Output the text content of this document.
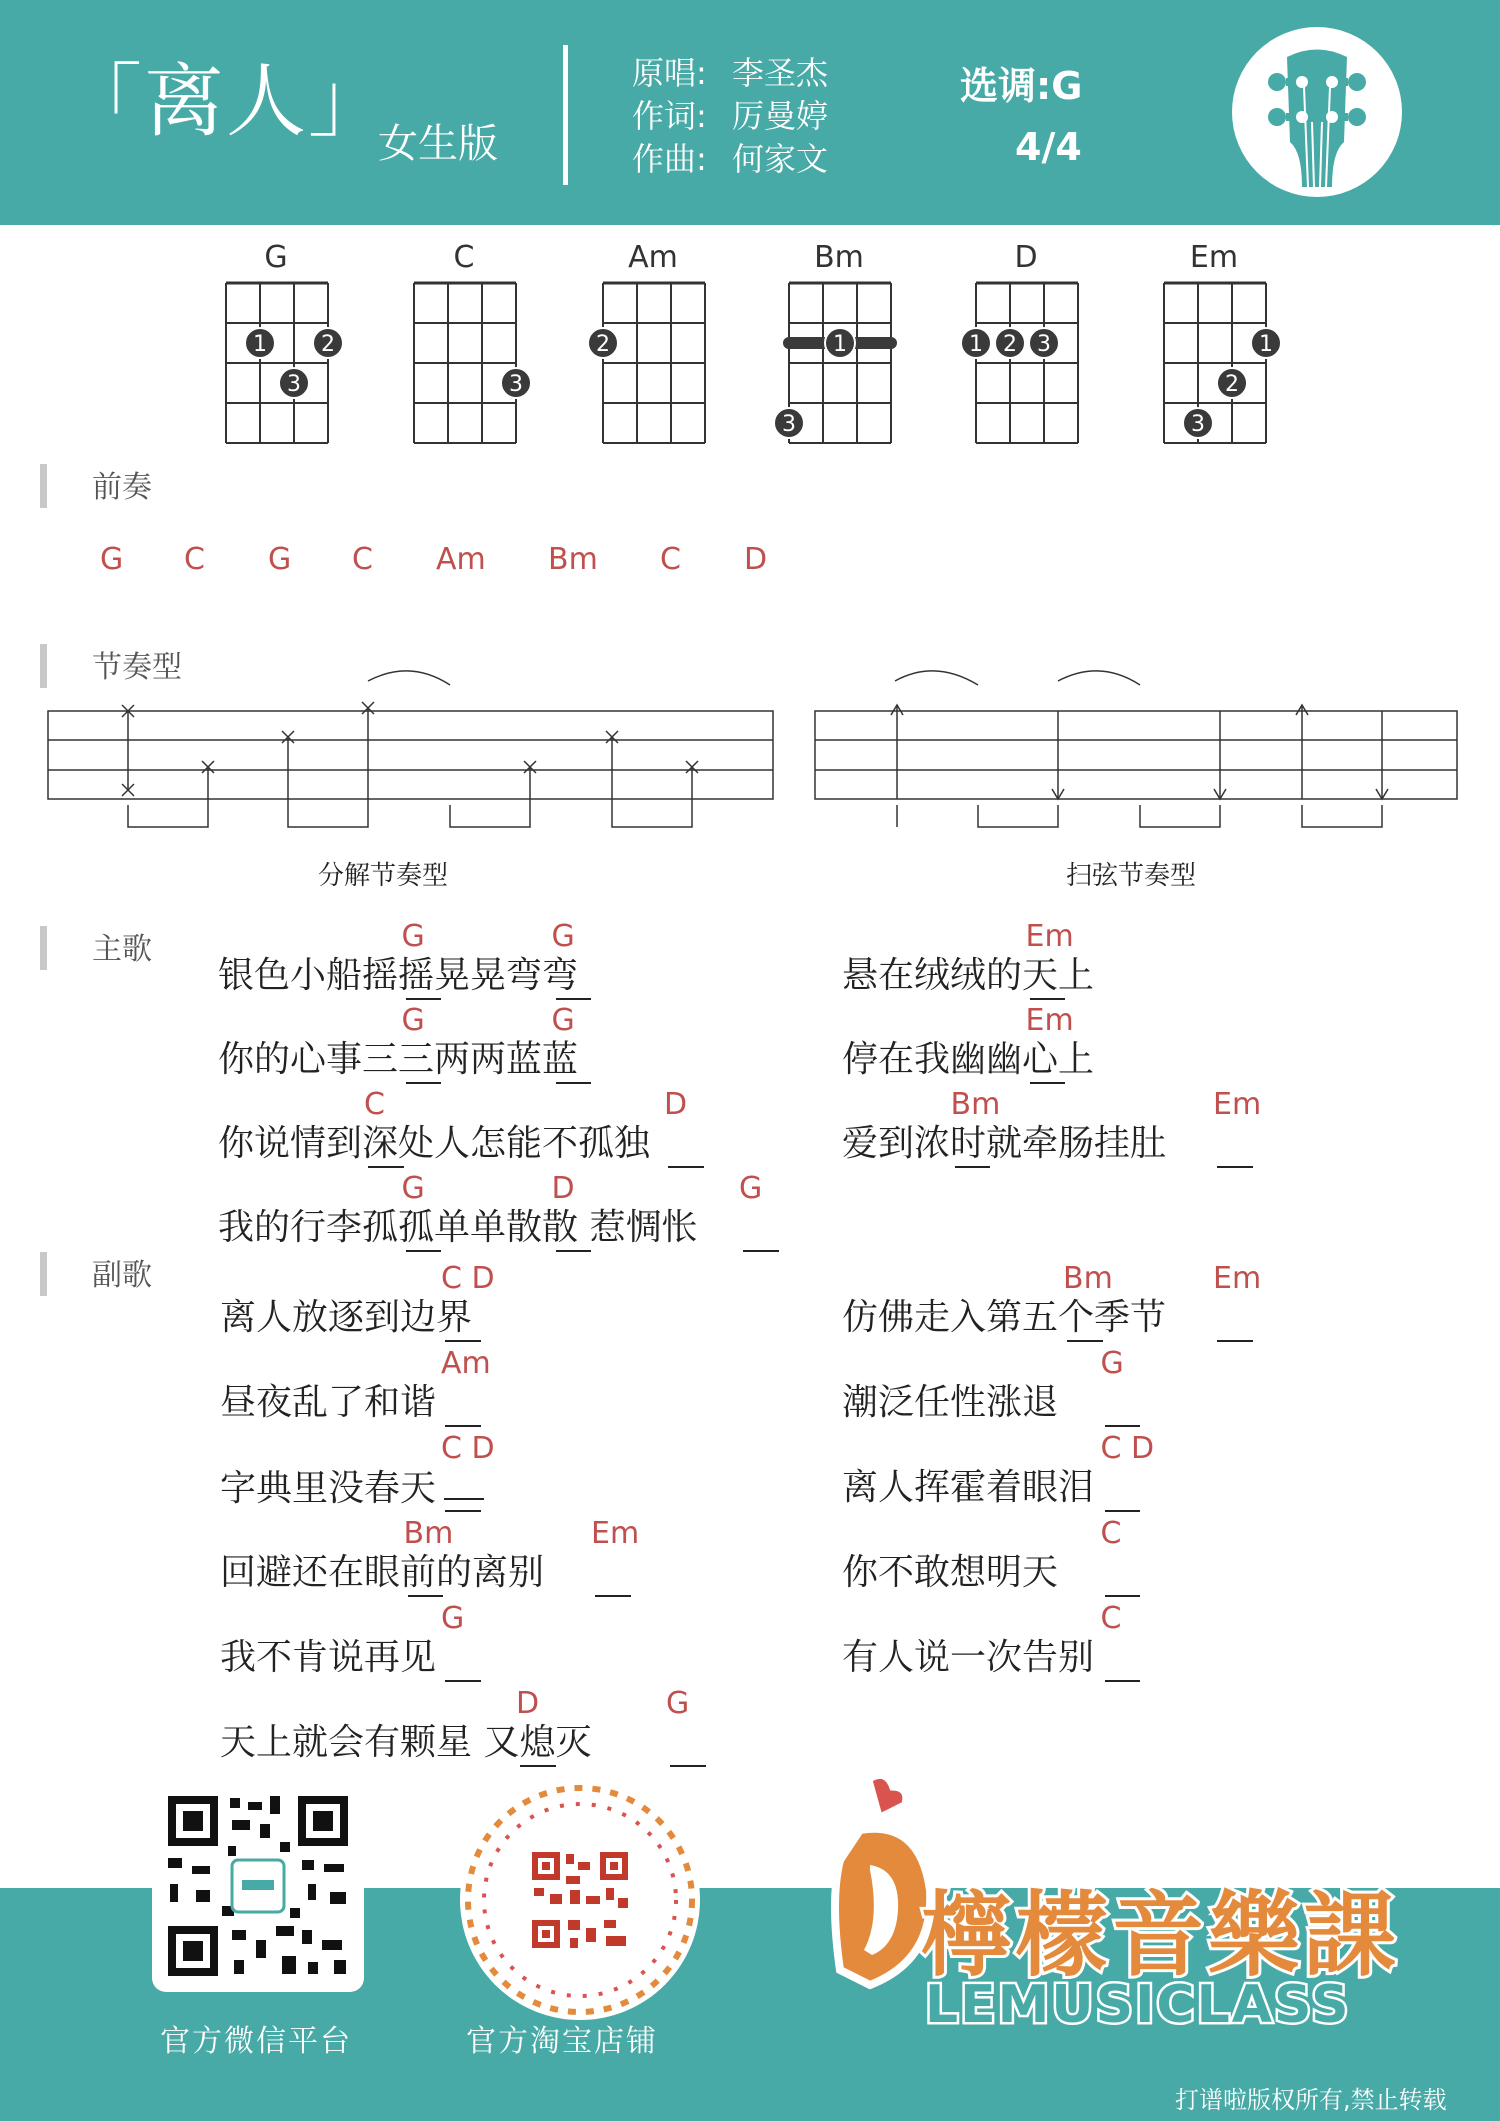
「离人」
女生版
原唱: 李圣杰
作词: 厉曼婷
作曲: 何家文
选调:G
4/4
G
1 2
3
C
3
Am
2
Bm
1
3
D
1 2 3
Em
1
2
3
前奏
G C G C Am Bm C D
节奏型
分解节奏型	扫弦节奏型
主歌
副歌
银色小船摇摇晃晃弯弯
G	G
你的心事三三两两蓝蓝
G	G
你说情到深处人怎能不孤独
C	D
我的行李孤孤单单散散 惹惆怅
G	D	G
悬在绒绒的天上
Em
停在我幽幽心上
Em
爱到浓时就牵肠挂肚
Bm	Em
离人放逐到边界
C D
昼夜乱了和谐
Am
字典里没春天
C D
回避还在眼前的离别
Bm	Em
我不肯说再见
G
天上就会有颗星 又熄灭
D	G
仿佛走入第五个季节
Bm	Em
潮泛任性涨退
G
离人挥霍着眼泪
C D
你不敢想明天
C
有人说一次告别
C
官方微信平台	官方淘宝店铺
檸檬音樂課
LEMUSICLASS
打谱啦版权所有,禁止转载
